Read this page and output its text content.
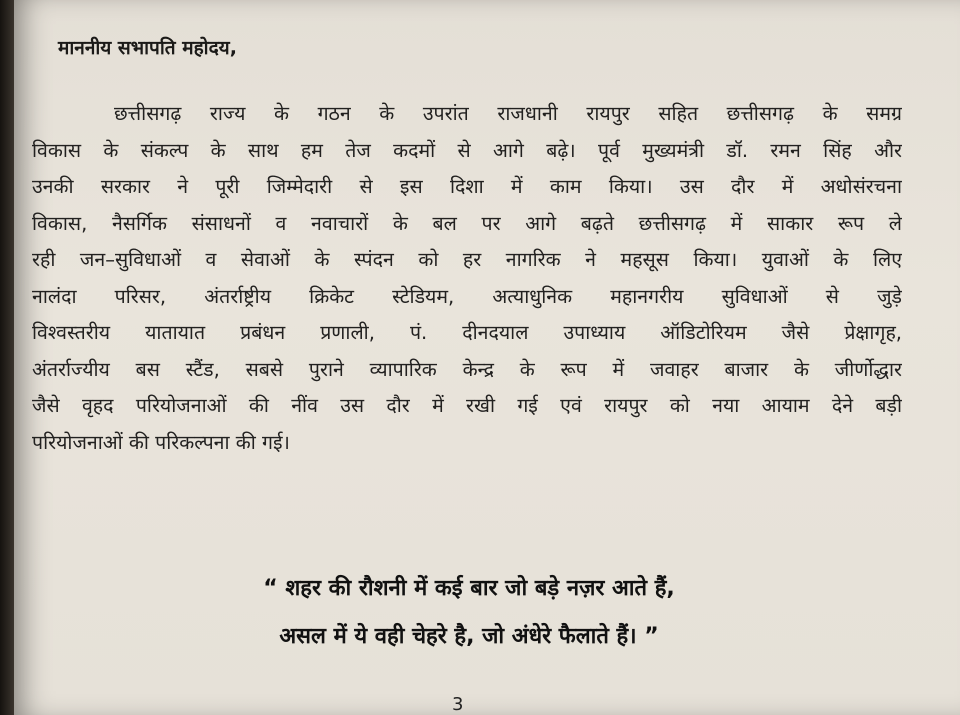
माननीय सभापति महोदय,
छत्तीसगढ़ राज्य के गठन के उपरांत राजधानी रायपुर सहित छत्तीसगढ़ के समग्र
विकास के संकल्प के साथ हम तेज कदमों से आगे बढ़े। पूर्व मुख्यमंत्री डॉ. रमन सिंह और
उनकी सरकार ने पूरी जिम्मेदारी से इस दिशा में काम किया। उस दौर में अधोसंरचना
विकास, नैसर्गिक संसाधनों व नवाचारों के बल पर आगे बढ़ते छत्तीसगढ़ में साकार रूप ले
रही जन–सुविधाओं व सेवाओं के स्पंदन को हर नागरिक ने महसूस किया। युवाओं के लिए
नालंदा परिसर, अंतर्राष्ट्रीय क्रिकेट स्टेडियम, अत्याधुनिक महानगरीय सुविधाओं से जुड़े
विश्वस्तरीय यातायात प्रबंधन प्रणाली, पं. दीनदयाल उपाध्याय ऑडिटोरियम जैसे प्रेक्षागृह,
अंतर्राज्यीय बस स्टैंड, सबसे पुराने व्यापारिक केन्द्र के रूप में जवाहर बाजार के जीर्णोद्धार
जैसे वृहद परियोजनाओं की नींव उस दौर में रखी गई एवं रायपुर को नया आयाम देने बड़ी
परियोजनाओं की परिकल्पना की गई।
“ शहर की रौशनी में कई बार जो बड़े नज़र आते हैं,
असल में ये वही चेहरे है, जो अंधेरे फैलाते हैं। ”
3
